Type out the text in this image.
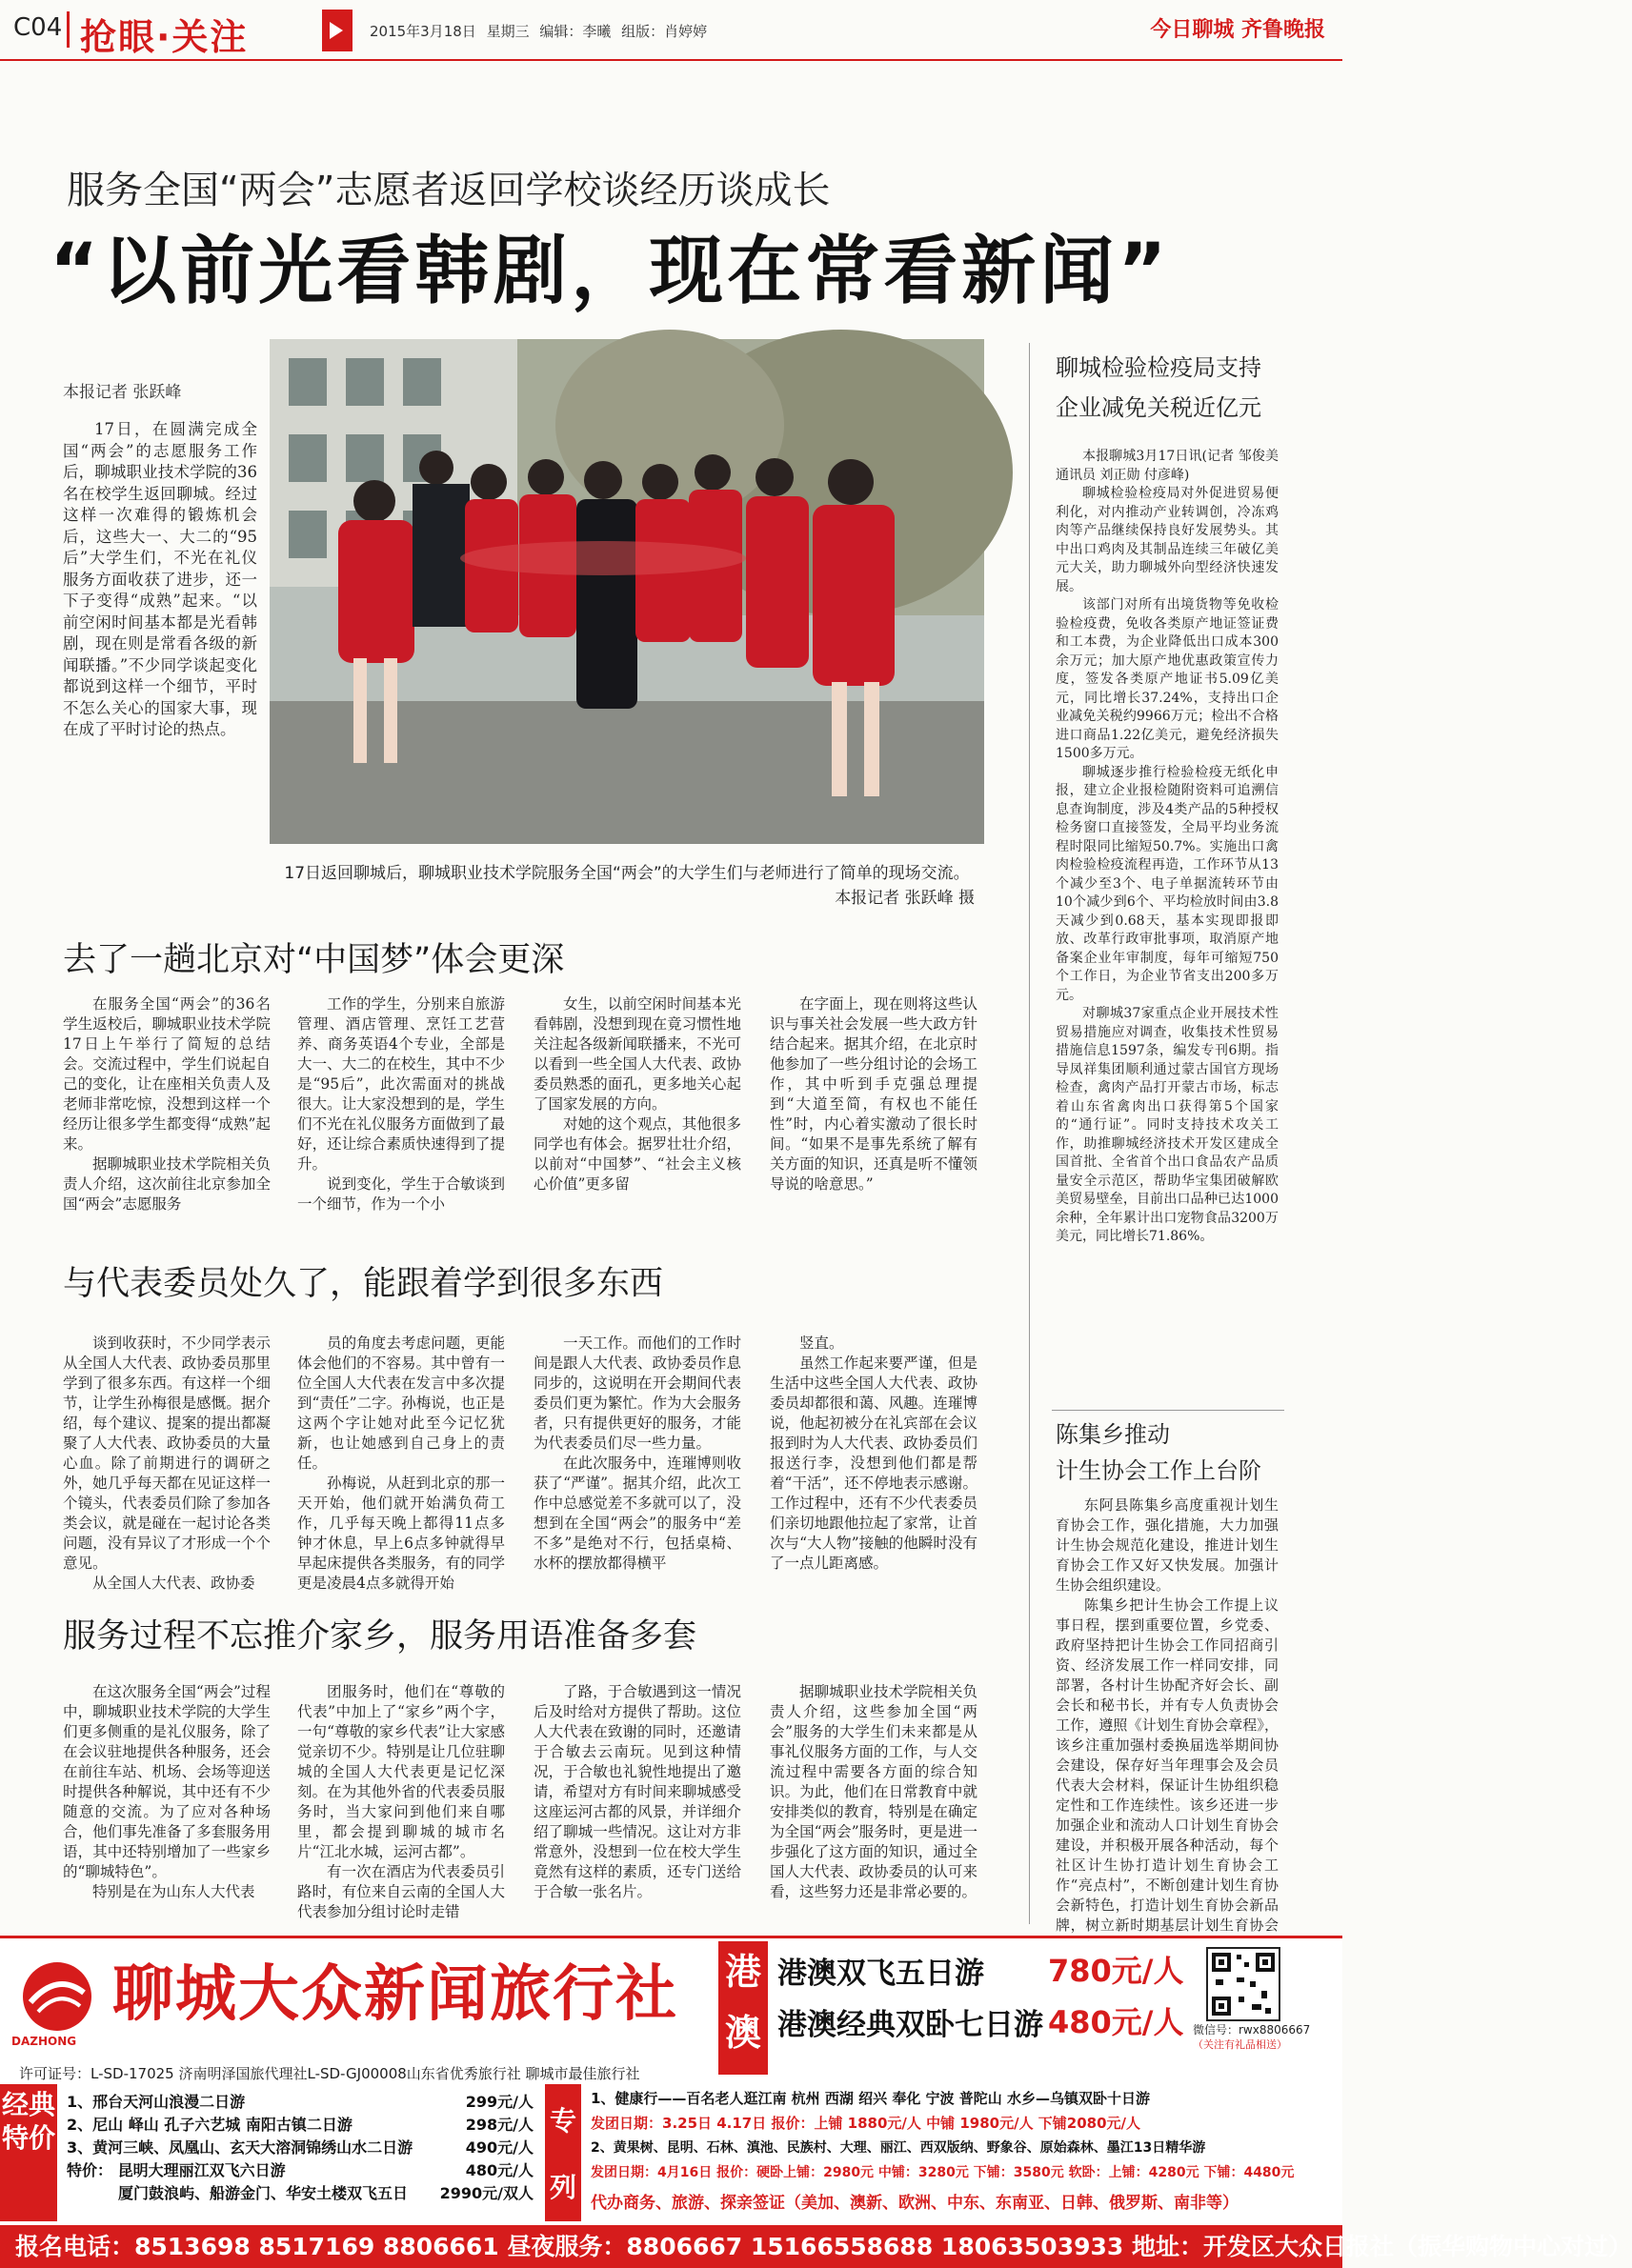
C04 抢眼·关注	2015年3月18日 星期三 编辑：李曦 组版：肖婷婷	今日聊城 齐鲁晚报
服务全国“两会”志愿者返回学校谈经历谈成长
“以前光看韩剧，现在常看新闻”
本报记者 张跃峰

17日，在圆满完成全国“两会”的志愿服务工作后，聊城职业技术学院的36名在校学生返回聊城。经过这样一次难得的锻炼机会后，这些大一、大二的“95后”大学生们，不光在礼仪服务方面收获了进步，还一下子变得“成熟”起来。“以前空闲时间基本都是光看韩剧，现在则是常看各级的新闻联播。”不少同学谈起变化都说到这样一个细节，平时不怎么关心的国家大事，现在成了平时讨论的热点。

17日返回聊城后，聊城职业技术学院服务全国“两会”的大学生们与老师进行了简单的现场交流。
本报记者 张跃峰 摄
去了一趟北京对“中国梦”体会更深

在服务全国“两会”的36名学生返校后，聊城职业技术学院17日上午举行了简短的总结会。交流过程中，学生们说起自己的变化，让在座相关负责人及老师非常吃惊，没想到这样一个经历让很多学生都变得“成熟”起来。
据聊城职业技术学院相关负责人介绍，这次前往北京参加全国“两会”志愿服务

工作的学生，分别来自旅游管理、酒店管理、烹饪工艺营养、商务英语4个专业，全部是大一、大二的在校生，其中不少是“95后”，此次需面对的挑战很大。让大家没想到的是，学生们不光在礼仪服务方面做到了最好，还让综合素质快速得到了提升。
说到变化，学生于合敏谈到一个细节，作为一个小

女生，以前空闲时间基本光看韩剧，没想到现在竟习惯性地关注起各级新闻联播来，不光可以看到一些全国人大代表、政协委员熟悉的面孔，更多地关心起了国家发展的方向。
对她的这个观点，其他很多同学也有体会。据罗壮壮介绍，以前对“中国梦”、“社会主义核心价值”更多留

在字面上，现在则将这些认识与事关社会发展一些大政方针结合起来。据其介绍，在北京时他参加了一些分组讨论的会场工作，其中听到手克强总理提到“大道至简，有权也不能任性”时，内心着实激动了很长时间。“如果不是事先系统了解有关方面的知识，还真是听不懂领导说的啥意思。”

与代表委员处久了，能跟着学到很多东西

谈到收获时，不少同学表示从全国人大代表、政协委员那里学到了很多东西。有这样一个细节，让学生孙梅很是感慨。据介绍，每个建议、提案的提出都凝聚了人大代表、政协委员的大量心血。除了前期进行的调研之外，她几乎每天都在见证这样一个镜头，代表委员们除了参加各类会议，就是碰在一起讨论各类问题，没有异议了才形成一个个意见。
从全国人大代表、政协委

员的角度去考虑问题，更能体会他们的不容易。其中曾有一位全国人大代表在发言中多次提到“责任”二字。孙梅说，也正是这两个字让她对此至今记忆犹新，也让她感到自己身上的责任。
孙梅说，从赶到北京的那一天开始，他们就开始满负荷工作，几乎每天晚上都得11点多钟才休息，早上6点多钟就得早早起床提供各类服务，有的同学更是凌晨4点多就得开始

一天工作。而他们的工作时间是跟人大代表、政协委员作息同步的，这说明在开会期间代表委员们更为繁忙。作为大会服务者，只有提供更好的服务，才能为代表委员们尽一些力量。
在此次服务中，连璀博则收获了“严谨”。据其介绍，此次工作中总感觉差不多就可以了，没想到在全国“两会”的服务中“差不多”是绝对不行，包括桌椅、水杯的摆放都得横平

竖直。
虽然工作起来要严谨，但是生活中这些全国人大代表、政协委员却都很和蔼、风趣。连璀博说，他起初被分在礼宾部在会议报到时为人大代表、政协委员们报送行李，没想到他们都是帮着“干活”，还不停地表示感谢。工作过程中，还有不少代表委员们亲切地跟他拉起了家常，让首次与“大人物”接触的他瞬时没有了一点儿距离感。

服务过程不忘推介家乡，服务用语准备多套

在这次服务全国“两会”过程中，聊城职业技术学院的大学生们更多侧重的是礼仪服务，除了在会议驻地提供各种服务，还会在前往车站、机场、会场等迎送时提供各种解说，其中还有不少随意的交流。为了应对各种场合，他们事先准备了多套服务用语，其中还特别增加了一些家乡的“聊城特色”。
特别是在为山东人大代表

团服务时，他们在“尊敬的代表”中加上了“家乡”两个字，一句“尊敬的家乡代表”让大家感觉亲切不少。特别是让几位驻聊城的全国人大代表更是记忆深刻。在为其他外省的代表委员服务时，当大家问到他们来自哪里，都会提到聊城的城市名片“江北水城，运河古都”。
有一次在酒店为代表委员引路时，有位来自云南的全国人大代表参加分组讨论时走错

了路，于合敏遇到这一情况后及时给对方提供了帮助。这位人大代表在致谢的同时，还邀请于合敏去云南玩。见到这种情况，于合敏也礼貌性地提出了邀请，希望对方有时间来聊城感受这座运河古都的风景，并详细介绍了聊城一些情况。这让对方非常意外，没想到一位在校大学生竟然有这样的素质，还专门送给于合敏一张名片。

据聊城职业技术学院相关负责人介绍，这些参加全国“两会”服务的大学生们未来都是从事礼仪服务方面的工作，与人交流过程中需要各方面的综合知识。为此，他们在日常教育中就安排类似的教育，特别是在确定为全国“两会”服务时，更是进一步强化了这方面的知识，通过全国人大代表、政协委员的认可来看，这些努力还是非常必要的。

聊城检验检疫局支持
企业减免关税近亿元

本报聊城3月17日讯(记者 邹俊美 通讯员 刘正勋 付彦峰)

聊城检验检疫局对外促进贸易便利化，对内推动产业转调创，冷冻鸡肉等产品继续保持良好发展势头。其中出口鸡肉及其制品连续三年破亿美元大关，助力聊城外向型经济快速发展。

该部门对所有出境货物等免收检验检疫费，免收各类原产地证签证费和工本费，为企业降低出口成本300余万元；加大原产地优惠政策宣传力度，签发各类原产地证书5.09亿美元，同比增长37.24%，支持出口企业减免关税约9966万元；检出不合格进口商品1.22亿美元，避免经济损失1500多万元。

聊城逐步推行检验检疫无纸化申报，建立企业报检随附资料可追溯信息查询制度，涉及4类产品的5种授权检务窗口直接签发，全局平均业务流程时限同比缩短50.7%。实施出口禽肉检验检疫流程再造，工作环节从13个减少至3个、电子单据流转环节由10个减少到6个、平均检放时间由3.8天减少到0.68天，基本实现即报即放、改革行政审批事项，取消原产地备案企业年审制度，每年可缩短750个工作日，为企业节省支出200多万元。

对聊城37家重点企业开展技术性贸易措施应对调查，收集技术性贸易措施信息1597条，编发专刊6期。指导凤祥集团顺利通过蒙古国官方现场检查，禽肉产品打开蒙古市场，标志着山东省禽肉出口获得第5个国家的“通行证”。同时支持技术攻关工作，助推聊城经济技术开发区建成全国首批、全省首个出口食品农产品质量安全示范区，帮助华宝集团破解欧美贸易壁垒，目前出口品种已达1000余种，全年累计出口宠物食品3200万美元，同比增长71.86%。

陈集乡推动
计生协会工作上台阶

东阿县陈集乡高度重视计划生育协会工作，强化措施，大力加强计生协会规范化建设，推进计划生育协会工作又好又快发展。加强计生协会组织建设。

陈集乡把计生协会工作提上议事日程，摆到重要位置，乡党委、政府坚持把计生协会工作同招商引资、经济发展工作一样同安排，同部署，各村计生协配齐好会长、副会长和秘书长，并有专人负责协会工作，遵照《计划生育协会章程》，该乡注重加强村委换届选举期间协会建设，保存好当年理事会及会员代表大会材料，保证计生协组织稳定性和工作连续性。该乡还进一步加强企业和流动人口计划生育协会建设，并积极开展各种活动，每个社区计生协打造计划生育协会工作“亮点村”，不断创建计划生育协会新特色，打造计划生育协会新品牌，树立新时期基层计划生育协会

DAZHONG
聊城大众新闻旅行社
许可证号：L-SD-17025 济南明泽国旅代理社L-SD-GJ00008山东省优秀旅行社 聊城市最佳旅行社
港澳
港澳双飞五日游 780元/人
港澳经典双卧七日游 480元/人 微信号：rwx8806667
（关注有礼品相送）
经典特价
1、邢台天河山浪漫二日游	299元/人
2、尼山 峄山 孔子六艺城 南阳古镇二日游	298元/人
3、黄河三峡、凤凰山、玄天大溶洞锦绣山水二日游	490元/人
特价： 昆明大理丽江双飞六日游	480元/人
厦门鼓浪屿、船游金门、华安土楼双飞五日	2990元/双人
专列
1、健康行——百名老人逛江南 杭州 西湖 绍兴 奉化 宁波 普陀山 水乡—乌镇双卧十日游
发团日期：3.25日 4.17日 报价：上铺 1880元/人 中铺 1980元/人 下铺2080元/人
2、黄果树、昆明、石林、滇池、民族村、大理、丽江、西双版纳、野象谷、原始森林、墨江13日精华游
发团日期：4月16日 报价：硬卧上铺：2980元 中铺：3280元 下铺：3580元 软卧：上铺：4280元 下铺：4480元
代办商务、旅游、探亲签证（美加、澳新、欧洲、中东、东南亚、日韩、俄罗斯、南非等）
报名电话：8513698 8517169 8806661 昼夜服务：8806667 15166558688 18063503933 地址：开发区大众日报社（振华购物中心对过）
